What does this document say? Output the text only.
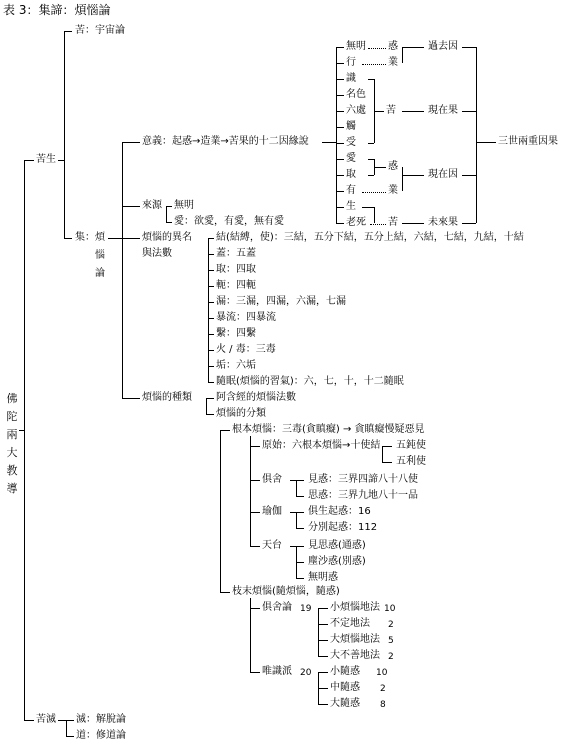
表 3：集諦：煩惱論
佛陀兩大教導
苦生
苦滅
苦：宇宙論
集： 煩
惱
論
意義：起惑→造業→苦果的十二因緣說
來源
煩惱的異名
與法數
煩惱的種類
無明
愛：欲愛，有愛，無有愛
結(結縛，使)：三結，五分下結，五分上結，六結，七結，九結，十結
蓋：五蓋
取：四取
軛：四軛
漏：三漏，四漏，六漏，七漏
暴流：四暴流
繫：四繫
火 / 毒：三毒
垢：六垢
隨眠(煩惱的習氣)：六，七，十，十二隨眠
阿含經的煩惱法數
煩惱的分類
根本煩惱：三毒(貪瞋癡) → 貪瞋癡慢疑惡見
枝末煩惱(隨煩惱，隨惑)
原始：六根本煩惱→十使結 五鈍使
五利使
俱舍	見惑：三界四諦八十八使
思惑：三界九地八十一品
瑜伽	俱生起惑：16
分別起惑：112
天台	見思惑(通惑)
塵沙惑(別惑)
無明惑
俱舍論 19 小煩惱地法 10
不定地法 2
大煩惱地法 5
大不善地法 2
唯識派 20 小隨惑 10
中隨惑 2
大隨惑 8
滅：解脫論
道：修道論
無明
行
識
名色
六處
觸
受
愛
取
有
生
老死
惑
業
過去因
苦	現在果
惑
業
現在因
苦	未來果
三世兩重因果
